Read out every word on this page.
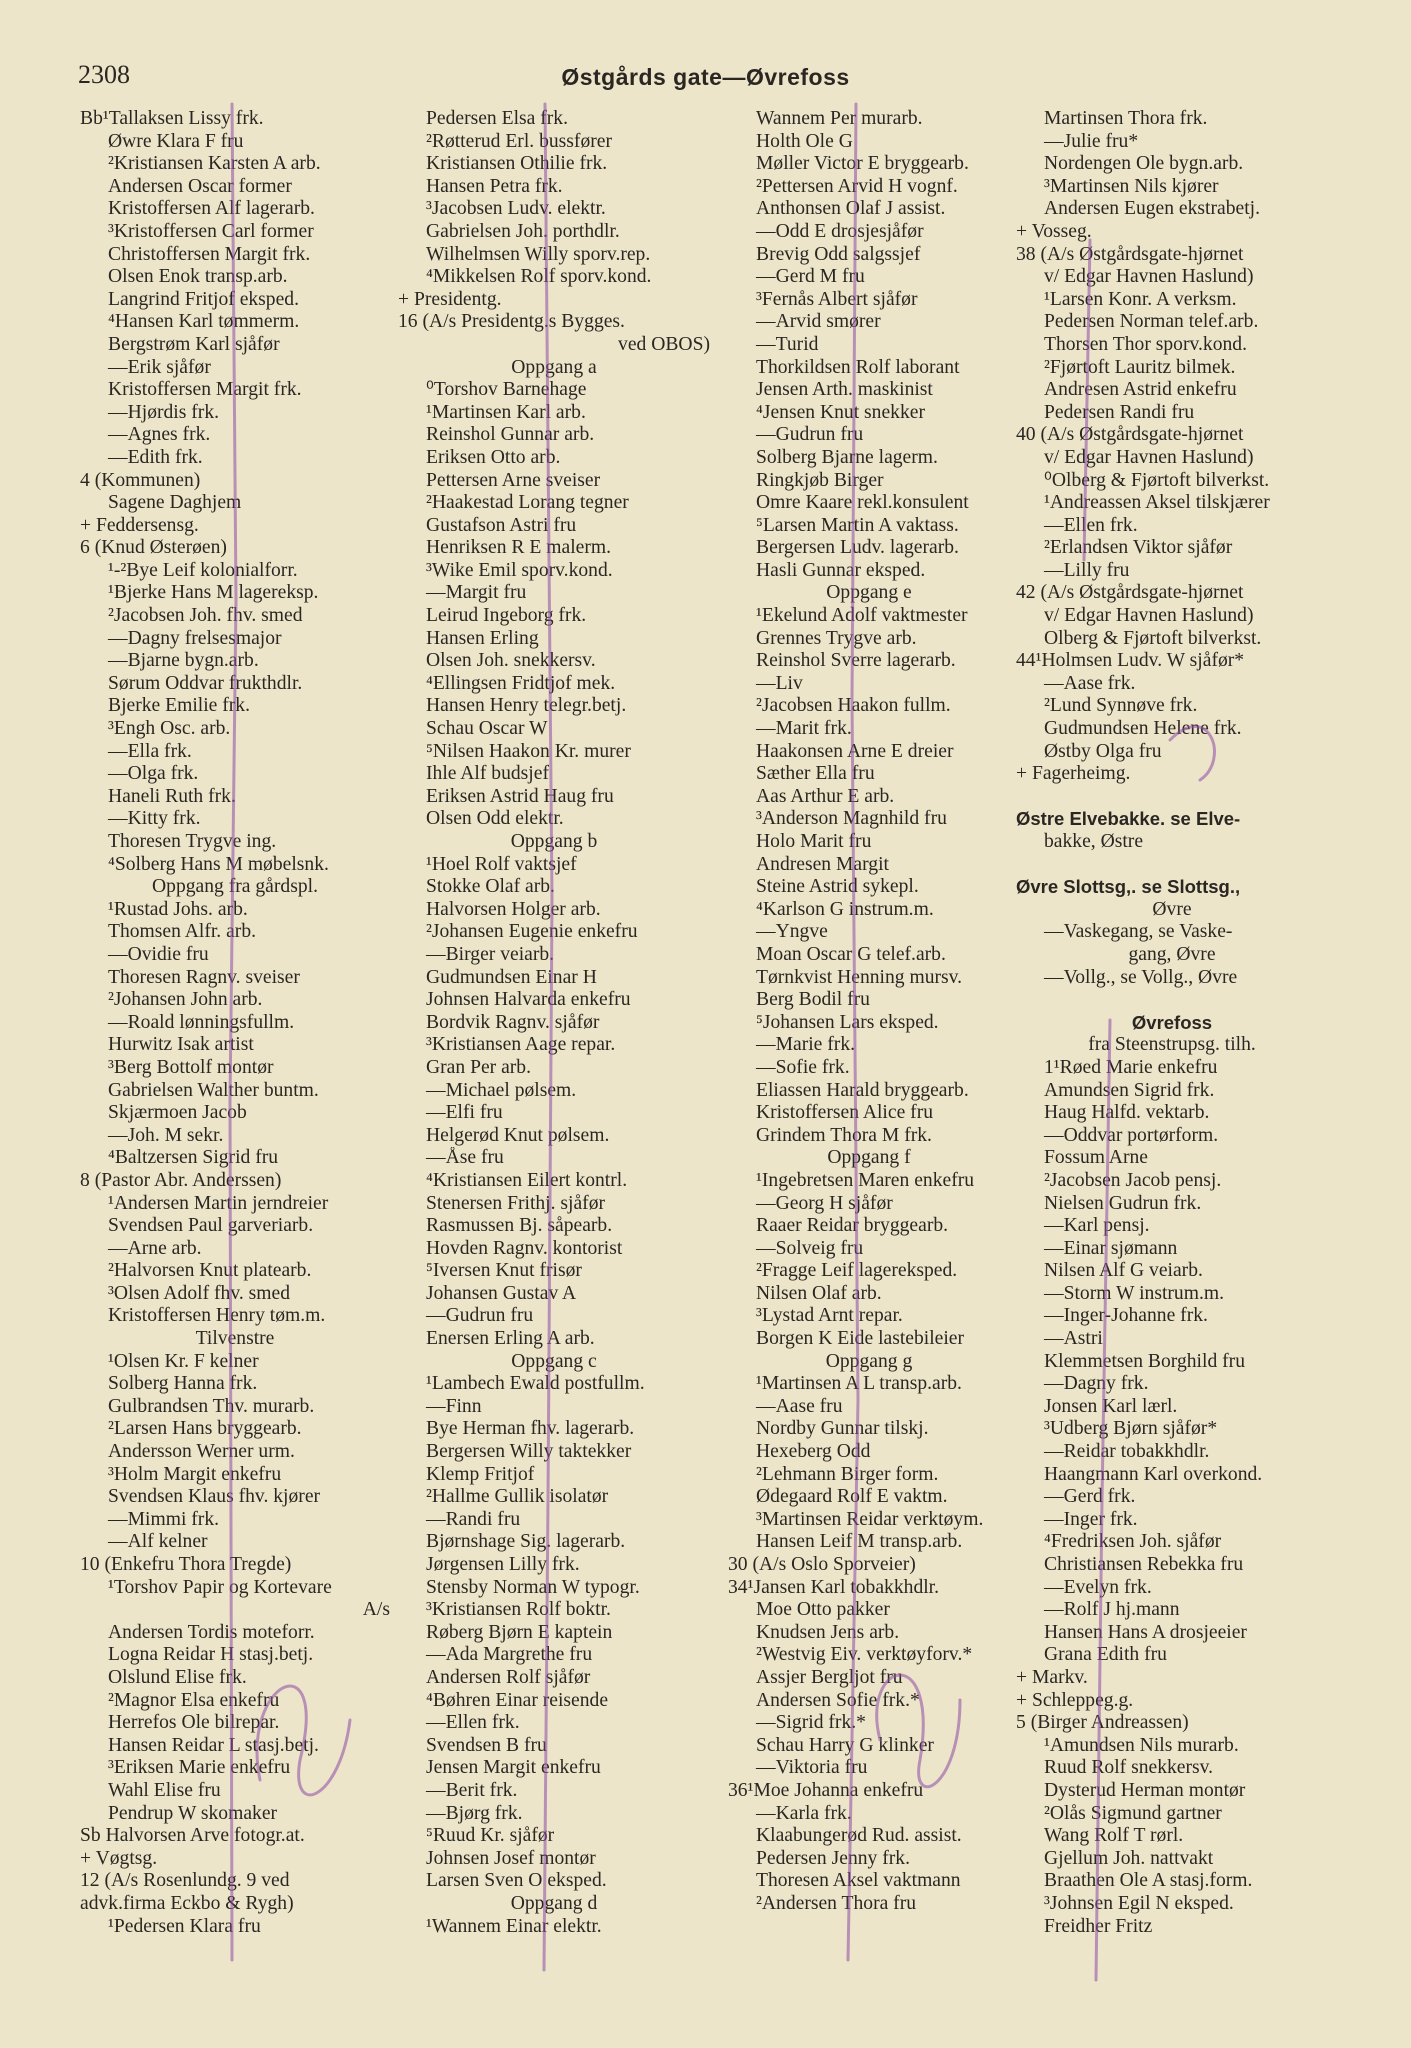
2308	Østgårds gate—Øvrefoss
Bb¹Tallaksen Lissy frk.
Øwre Klara F fru
²Kristiansen Karsten A arb.
Andersen Oscar former
Kristoffersen Alf lagerarb.
³Kristoffersen Carl former
Christoffersen Margit frk.
Olsen Enok transp.arb.
Langrind Fritjof eksped.
⁴Hansen Karl tømmerm.
Bergstrøm Karl sjåfør
—Erik sjåfør
Kristoffersen Margit frk.
—Hjørdis frk.
—Agnes frk.
—Edith frk.
4 (Kommunen)
Sagene Daghjem
+ Feddersensg.
6 (Knud Østerøen)
¹-²Bye Leif kolonialforr.
¹Bjerke Hans M lagereksp.
²Jacobsen Joh. fhv. smed
—Dagny frelsesmajor
—Bjarne bygn.arb.
Sørum Oddvar frukthdlr.
Bjerke Emilie frk.
³Engh Osc. arb.
—Ella frk.
—Olga frk.
Haneli Ruth frk.
—Kitty frk.
Thoresen Trygve ing.
⁴Solberg Hans M møbelsnk.
Oppgang fra gårdspl.
¹Rustad Johs. arb.
Thomsen Alfr. arb.
—Ovidie fru
Thoresen Ragnv. sveiser
²Johansen John arb.
—Roald lønningsfullm.
Hurwitz Isak artist
³Berg Bottolf montør
Gabrielsen Walther buntm.
Skjærmoen Jacob
—Joh. M sekr.
⁴Baltzersen Sigrid fru
8 (Pastor Abr. Anderssen)
¹Andersen Martin jerndreier
Svendsen Paul garveriarb.
—Arne arb.
²Halvorsen Knut platearb.
³Olsen Adolf fhv. smed
Kristoffersen Henry tøm.m.
Tilvenstre
¹Olsen Kr. F kelner
Solberg Hanna frk.
Gulbrandsen Thv. murarb.
²Larsen Hans bryggearb.
Andersson Werner urm.
³Holm Margit enkefru
Svendsen Klaus fhv. kjører
—Mimmi frk.
—Alf kelner
10 (Enkefru Thora Tregde)
¹Torshov Papir og Kortevare
A/s
Andersen Tordis moteforr.
Logna Reidar H stasj.betj.
Olslund Elise frk.
²Magnor Elsa enkefru
Herrefos Ole bilrepar.
Hansen Reidar L stasj.betj.
³Eriksen Marie enkefru
Wahl Elise fru
Pendrup W skomaker
Sb Halvorsen Arve fotogr.at.
+ Vøgtsg.
12 (A/s Rosenlundg. 9 ved
advk.firma Eckbo & Rygh)
¹Pedersen Klara fru
Pedersen Elsa frk.
²Røtterud Erl. bussfører
Kristiansen Othilie frk.
Hansen Petra frk.
³Jacobsen Ludv. elektr.
Gabrielsen Joh. porthdlr.
Wilhelmsen Willy sporv.rep.
⁴Mikkelsen Rolf sporv.kond.
+ Presidentg.
16 (A/s Presidentg.s Bygges.
ved OBOS)
Oppgang a
⁰Torshov Barnehage
¹Martinsen Karl arb.
Reinshol Gunnar arb.
Eriksen Otto arb.
Pettersen Arne sveiser
²Haakestad Lorang tegner
Gustafson Astri fru
Henriksen R E malerm.
³Wike Emil sporv.kond.
—Margit fru
Leirud Ingeborg frk.
Hansen Erling
Olsen Joh. snekkersv.
⁴Ellingsen Fridtjof mek.
Hansen Henry telegr.betj.
Schau Oscar W
⁵Nilsen Haakon Kr. murer
Ihle Alf budsjef
Eriksen Astrid Haug fru
Olsen Odd elektr.
Oppgang b
¹Hoel Rolf vaktsjef
Stokke Olaf arb.
Halvorsen Holger arb.
²Johansen Eugenie enkefru
—Birger veiarb.
Gudmundsen Einar H
Johnsen Halvarda enkefru
Bordvik Ragnv. sjåfør
³Kristiansen Aage repar.
Gran Per arb.
—Michael pølsem.
—Elfi fru
Helgerød Knut pølsem.
—Åse fru
⁴Kristiansen Eilert kontrl.
Stenersen Frithj. sjåfør
Rasmussen Bj. såpearb.
Hovden Ragnv. kontorist
⁵Iversen Knut frisør
Johansen Gustav A
—Gudrun fru
Enersen Erling A arb.
Oppgang c
¹Lambech Ewald postfullm.
—Finn
Bye Herman fhv. lagerarb.
Bergersen Willy taktekker
Klemp Fritjof
²Hallme Gullik isolatør
—Randi fru
Bjørnshage Sig. lagerarb.
Jørgensen Lilly frk.
Stensby Norman W typogr.
³Kristiansen Rolf boktr.
Røberg Bjørn E kaptein
—Ada Margrethe fru
Andersen Rolf sjåfør
⁴Bøhren Einar reisende
—Ellen frk.
Svendsen B fru
Jensen Margit enkefru
—Berit frk.
—Bjørg frk.
⁵Ruud Kr. sjåfør
Johnsen Josef montør
Larsen Sven O eksped.
Oppgang d
¹Wannem Einar elektr.
Wannem Per murarb.
Holth Ole G
Møller Victor E bryggearb.
²Pettersen Arvid H vognf.
Anthonsen Olaf J assist.
—Odd E drosjesjåfør
Brevig Odd salgssjef
—Gerd M fru
³Fernås Albert sjåfør
—Arvid smører
—Turid
Thorkildsen Rolf laborant
Jensen Arth. maskinist
⁴Jensen Knut snekker
—Gudrun fru
Solberg Bjarne lagerm.
Ringkjøb Birger
Omre Kaare rekl.konsulent
⁵Larsen Martin A vaktass.
Bergersen Ludv. lagerarb.
Hasli Gunnar eksped.
Oppgang e
¹Ekelund Adolf vaktmester
Grennes Trygve arb.
Reinshol Sverre lagerarb.
—Liv
²Jacobsen Haakon fullm.
—Marit frk.
Haakonsen Arne E dreier
Sæther Ella fru
Aas Arthur E arb.
³Anderson Magnhild fru
Holo Marit fru
Andresen Margit
Steine Astrid sykepl.
⁴Karlson G instrum.m.
—Yngve
Moan Oscar G telef.arb.
Tørnkvist Henning mursv.
Berg Bodil fru
⁵Johansen Lars eksped.
—Marie frk.
—Sofie frk.
Eliassen Harald bryggearb.
Kristoffersen Alice fru
Grindem Thora M frk.
Oppgang f
¹Ingebretsen Maren enkefru
—Georg H sjåfør
Raaer Reidar bryggearb.
—Solveig fru
²Fragge Leif lagereksped.
Nilsen Olaf arb.
³Lystad Arnt repar.
Borgen K Eide lastebileier
Oppgang g
¹Martinsen A L transp.arb.
—Aase fru
Nordby Gunnar tilskj.
Hexeberg Odd
²Lehmann Birger form.
Ødegaard Rolf E vaktm.
³Martinsen Reidar verktøym.
Hansen Leif M transp.arb.
30 (A/s Oslo Sporveier)
34¹Jansen Karl tobakkhdlr.
Moe Otto pakker
Knudsen Jens arb.
²Westvig Eiv. verktøyforv.*
Assjer Bergljot fru
Andersen Sofie frk.*
—Sigrid frk.*
Schau Harry G klinker
—Viktoria fru
36¹Moe Johanna enkefru
—Karla frk.
Klaabungerød Rud. assist.
Pedersen Jenny frk.
Thoresen Aksel vaktmann
²Andersen Thora fru
Martinsen Thora frk.
—Julie fru*
Nordengen Ole bygn.arb.
³Martinsen Nils kjører
Andersen Eugen ekstrabetj.
+ Vosseg.
38 (A/s Østgårdsgate-hjørnet
v/ Edgar Havnen Haslund)
¹Larsen Konr. A verksm.
Pedersen Norman telef.arb.
Thorsen Thor sporv.kond.
²Fjørtoft Lauritz bilmek.
Andresen Astrid enkefru
Pedersen Randi fru
40 (A/s Østgårdsgate-hjørnet
v/ Edgar Havnen Haslund)
⁰Olberg & Fjørtoft bilverkst.
¹Andreassen Aksel tilskjærer
—Ellen frk.
²Erlandsen Viktor sjåfør
—Lilly fru
42 (A/s Østgårdsgate-hjørnet
v/ Edgar Havnen Haslund)
Olberg & Fjørtoft bilverkst.
44¹Holmsen Ludv. W sjåfør*
—Aase frk.
²Lund Synnøve frk.
Gudmundsen Helene frk.
Østby Olga fru
+ Fagerheimg.
Østre Elvebakke. se Elve-
bakke, Østre
Øvre Slottsg,. se Slottsg.,
Øvre
—Vaskegang, se Vaske-
gang, Øvre
—Vollg., se Vollg., Øvre
Øvrefoss
fra Steenstrupsg. tilh.
1¹Røed Marie enkefru
Amundsen Sigrid frk.
Haug Halfd. vektarb.
—Oddvar portørform.
Fossum Arne
²Jacobsen Jacob pensj.
Nielsen Gudrun frk.
—Karl pensj.
—Einar sjømann
Nilsen Alf G veiarb.
—Storm W instrum.m.
—Inger-Johanne frk.
—Astri
Klemmetsen Borghild fru
—Dagny frk.
Jonsen Karl lærl.
³Udberg Bjørn sjåfør*
—Reidar tobakkhdlr.
Haangmann Karl overkond.
—Gerd frk.
—Inger frk.
⁴Fredriksen Joh. sjåfør
Christiansen Rebekka fru
—Evelyn frk.
—Rolf J hj.mann
Hansen Hans A drosjeeier
Grana Edith fru
+ Markv.
+ Schleppeg.g.
5 (Birger Andreassen)
¹Amundsen Nils murarb.
Ruud Rolf snekkersv.
Dysterud Herman montør
²Olås Sigmund gartner
Wang Rolf T rørl.
Gjellum Joh. nattvakt
Braathen Ole A stasj.form.
³Johnsen Egil N eksped.
Freidher Fritz
